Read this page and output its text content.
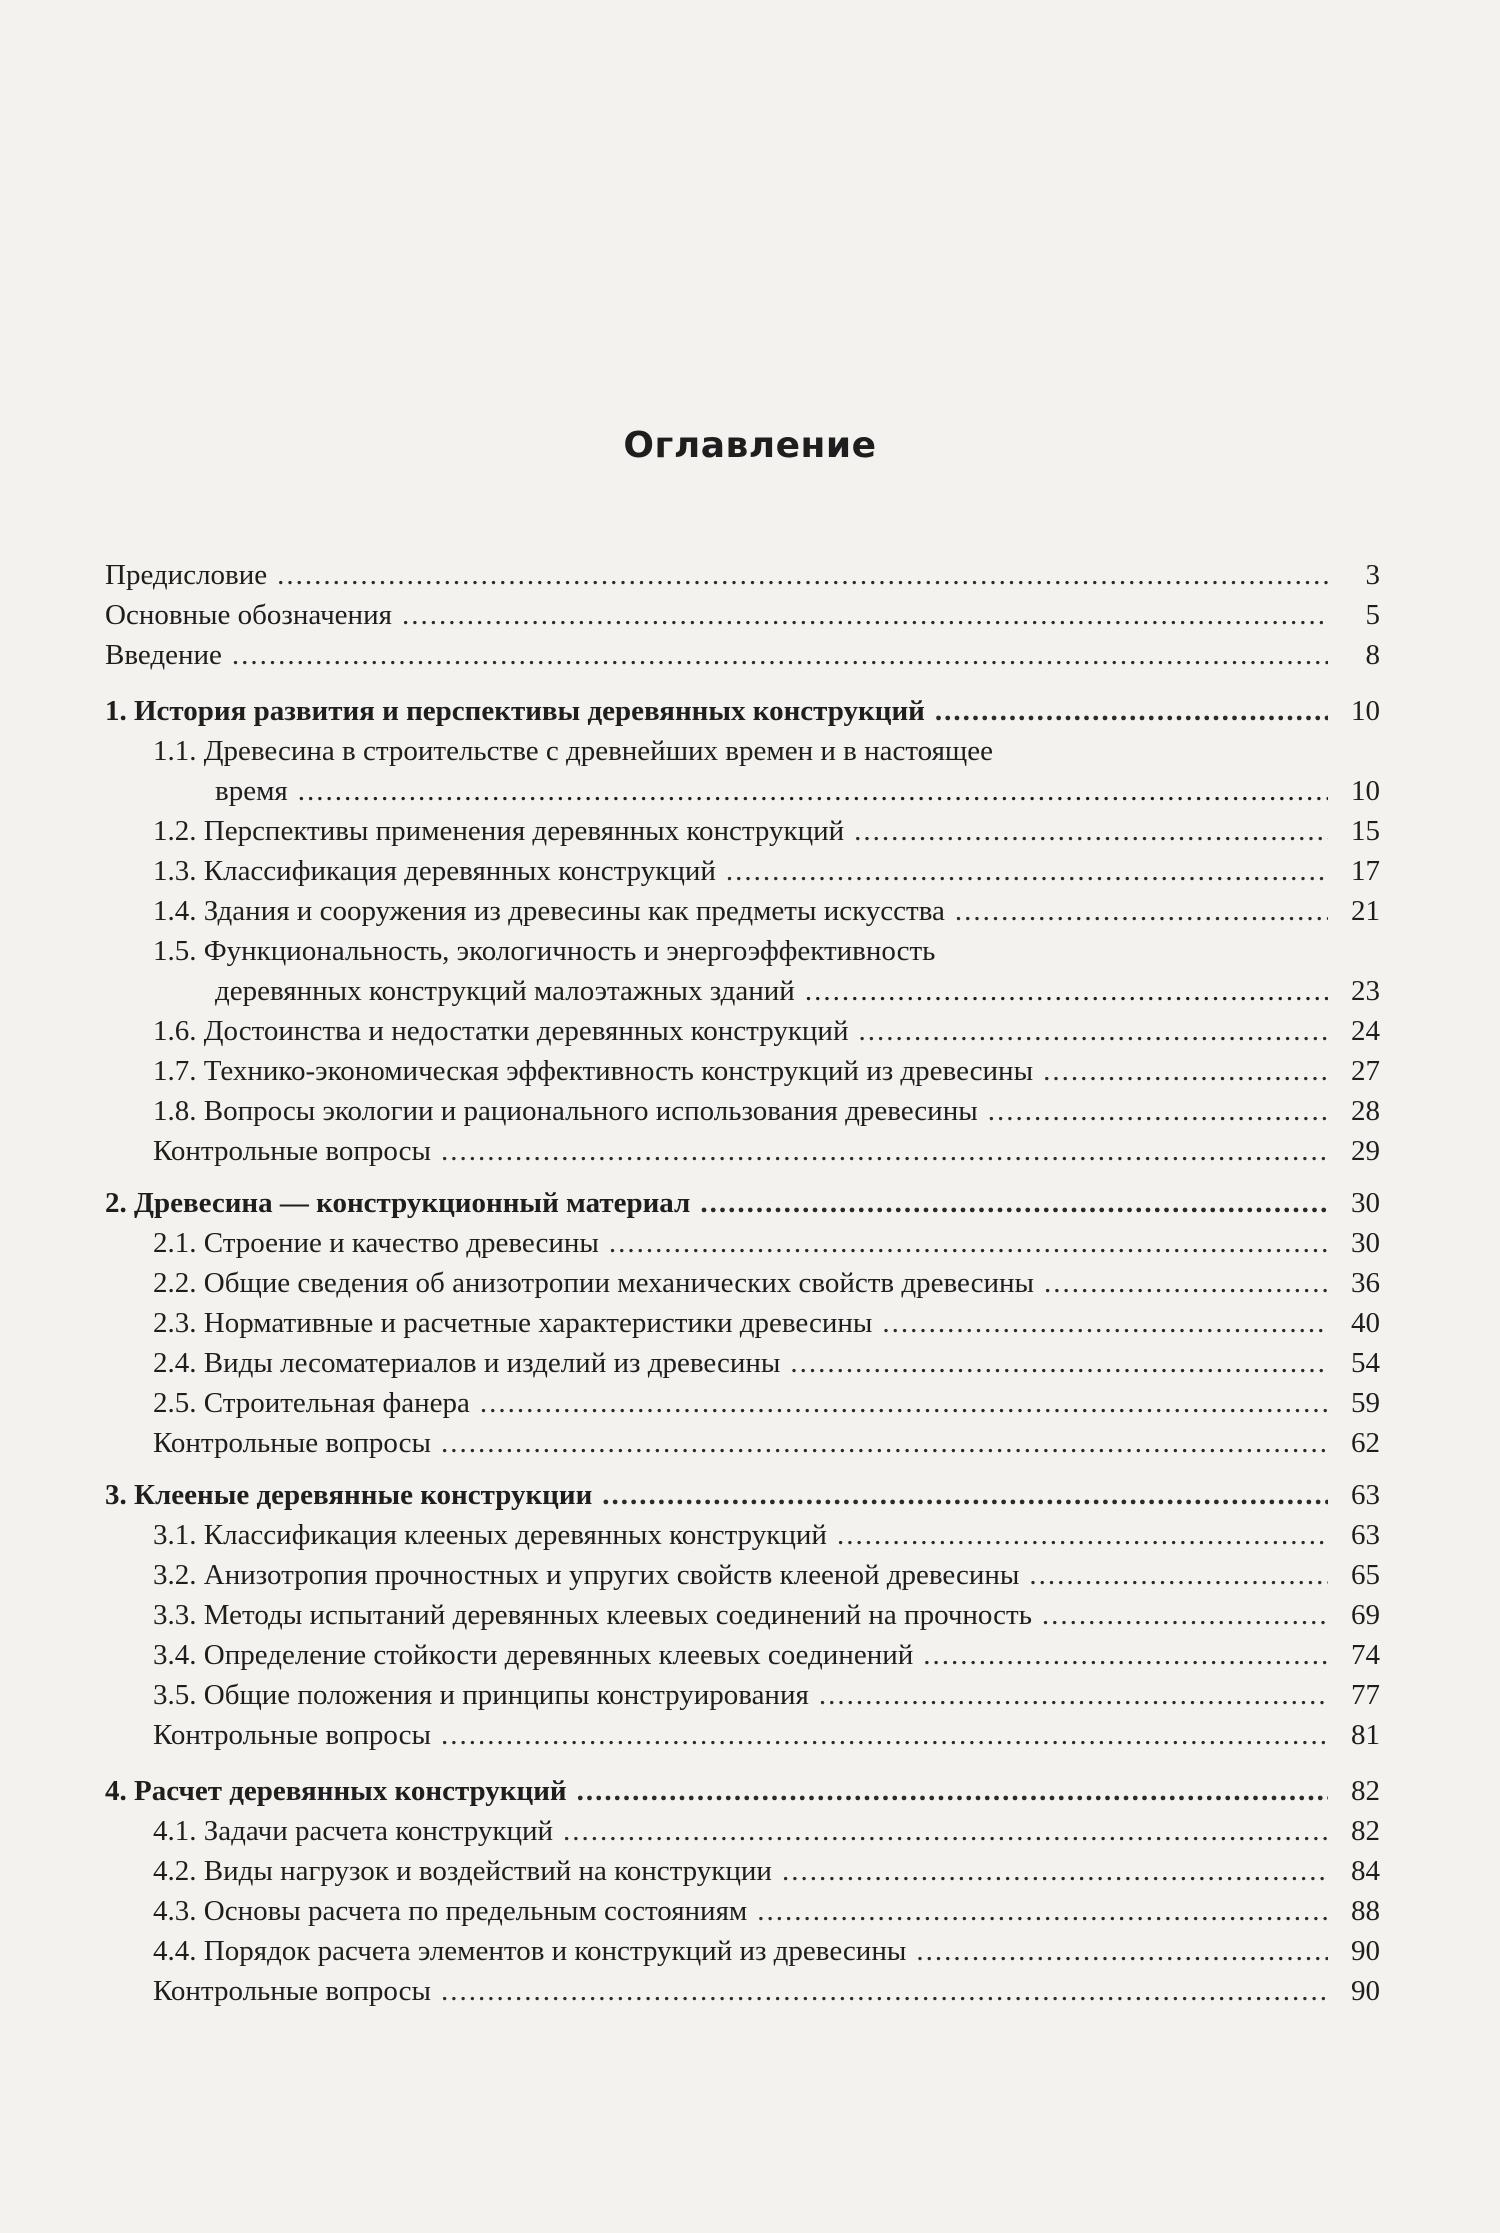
Оглавление
Предисловие .....	3
Основные обозначения .....	5
Введение .....	8
1. История развития и перспективы деревянных конструкций .....	10
1.1. Древесина в строительстве с древнейших времен и в настоящее
время .....	10
1.2. Перспективы применения деревянных конструкций .....	15
1.3. Классификация деревянных конструкций .....	17
1.4. Здания и сооружения из древесины как предметы искусства .....	21
1.5. Функциональность, экологичность и энергоэффективность
деревянных конструкций малоэтажных зданий .....	23
1.6. Достоинства и недостатки деревянных конструкций .....	24
1.7. Технико-экономическая эффективность конструкций из древесины .....	27
1.8. Вопросы экологии и рационального использования древесины .....	28
Контрольные вопросы .....	29
2. Древесина — конструкционный материал .....	30
2.1. Строение и качество древесины .....	30
2.2. Общие сведения об анизотропии механических свойств древесины .....	36
2.3. Нормативные и расчетные характеристики древесины .....	40
2.4. Виды лесоматериалов и изделий из древесины .....	54
2.5. Строительная фанера .....	59
Контрольные вопросы .....	62
3. Клееные деревянные конструкции .....	63
3.1. Классификация клееных деревянных конструкций .....	63
3.2. Анизотропия прочностных и упругих свойств клееной древесины .....	65
3.3. Методы испытаний деревянных клеевых соединений на прочность .....	69
3.4. Определение стойкости деревянных клеевых соединений .....	74
3.5. Общие положения и принципы конструирования .....	77
Контрольные вопросы .....	81
4. Расчет деревянных конструкций .....	82
4.1. Задачи расчета конструкций .....	82
4.2. Виды нагрузок и воздействий на конструкции .....	84
4.3. Основы расчета по предельным состояниям .....	88
4.4. Порядок расчета элементов и конструкций из древесины .....	90
Контрольные вопросы .....	90
